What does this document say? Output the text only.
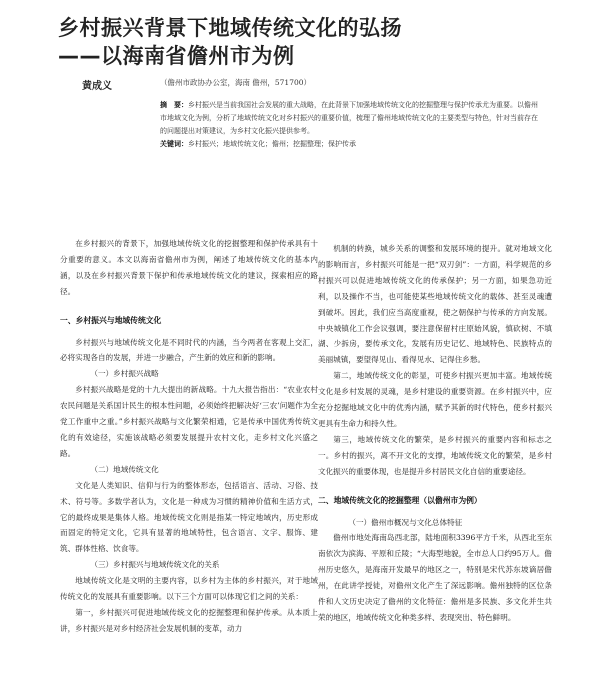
乡村振兴背景下地域传统文化的弘扬
——以海南省儋州市为例
黄成义	（儋州市政协办公室，海南 儋州，571700）
摘　要：乡村振兴是当前我国社会发展的重大战略，在此背景下加强地域传统文化的挖掘整理与保护传承尤为重要。以儋州市地域文化为例，分析了地域传统文化对乡村振兴的重要价值，梳理了儋州地域传统文化的主要类型与特色，针对当前存在的问题提出对策建议，为乡村文化振兴提供参考。
关键词：乡村振兴；地域传统文化；儋州；挖掘整理；保护传承

在乡村振兴的背景下，加强地域传统文化的挖掘整理和保护传承具有十分重要的意义。本文以海南省儋州市为例，阐述了地域传统文化的基本内涵，以及在乡村振兴背景下保护和传承地域传统文化的建议，探索相应的路径。

一、乡村振兴与地域传统文化

乡村振兴与地域传统文化是不同时代的内涵，当今两者在客观上交汇，必将实现各自的发展，并进一步融合，产生新的效应和新的影响。

（一）乡村振兴战略

乡村振兴战略是党的十九大提出的新战略。十九大报告指出：“农业农村农民问题是关系国计民生的根本性问题，必须始终把解决好‘三农’问题作为全党工作重中之重。”乡村振兴战略与文化繁荣相通，它是传承中国优秀传统文化的有效途径，实施该战略必须要发展提升农村文化，走乡村文化兴盛之路。

（二）地域传统文化

文化是人类知识、信仰与行为的整体形态，包括语言、活动、习俗、技术、符号等。多数学者认为，文化是一种成为习惯的精神价值和生活方式，它的最终成果是集体人格。地域传统文化则是指某一特定地域内，历史形成而固定的特定文化，它具有显著的地域特性，包含语言、文字、服饰、建筑、群体性格、饮食等。

（三）乡村振兴与地域传统文化的关系

地域传统文化是文明的主要内容，以乡村为主体的乡村振兴，对于地域传统文化的发展具有重要影响。以下三个方面可以体现它们之间的关系：

第一，乡村振兴可促进地域传统文化的挖掘整理和保护传承。从本质上讲，乡村振兴是对乡村经济社会发展机制的变革，动力

机制的转换，城乡关系的调整和发展环境的提升。就对地域文化的影响而言，乡村振兴可能是一把“双刃剑”：一方面，科学规范的乡村振兴可以促进地域传统文化的传承保护；另一方面，如果急功近利，以及操作不当，也可能使某些地域传统文化的载体、甚至灵魂遭到破坏。因此，我们应当高度重视，使之朝保护与传承的方向发展。中央城镇化工作会议强调，要注意保留村庄原始风貌，慎砍树、不填湖、少拆房，要传承文化，发展有历史记忆、地域特色、民族特点的美丽城镇，要望得见山、看得见水、记得住乡愁。

第二，地域传统文化的彰显，可使乡村振兴更加丰富。地域传统文化是乡村发展的灵魂，是乡村建设的重要资源。在乡村振兴中，应充分挖掘地域文化中的优秀内涵，赋予其新的时代特色，使乡村振兴更具有生命力和持久性。

第三，地域传统文化的繁荣，是乡村振兴的重要内容和标志之一。乡村的振兴，离不开文化的支撑，地域传统文化的繁荣，是乡村文化振兴的重要体现，也是提升乡村居民文化自信的重要途径。

二、地域传统文化的挖掘整理（以儋州市为例）

（一）儋州市概况与文化总体特征

儋州市地处海南岛西北部，陆地面积3396平方千米，从西北至东南依次为滨海、平原和丘陵；“大海型地貌，全市总人口约95万人。儋州历史悠久，是海南开发最早的地区之一，特别是宋代苏东坡谪居儋州，在此讲学授徒，对儋州文化产生了深远影响。儋州独特的区位条件和人文历史决定了儋州的文化特征：儋州是多民族、多文化并生共荣的地区，地域传统文化种类多样、表现突出、特色鲜明。
